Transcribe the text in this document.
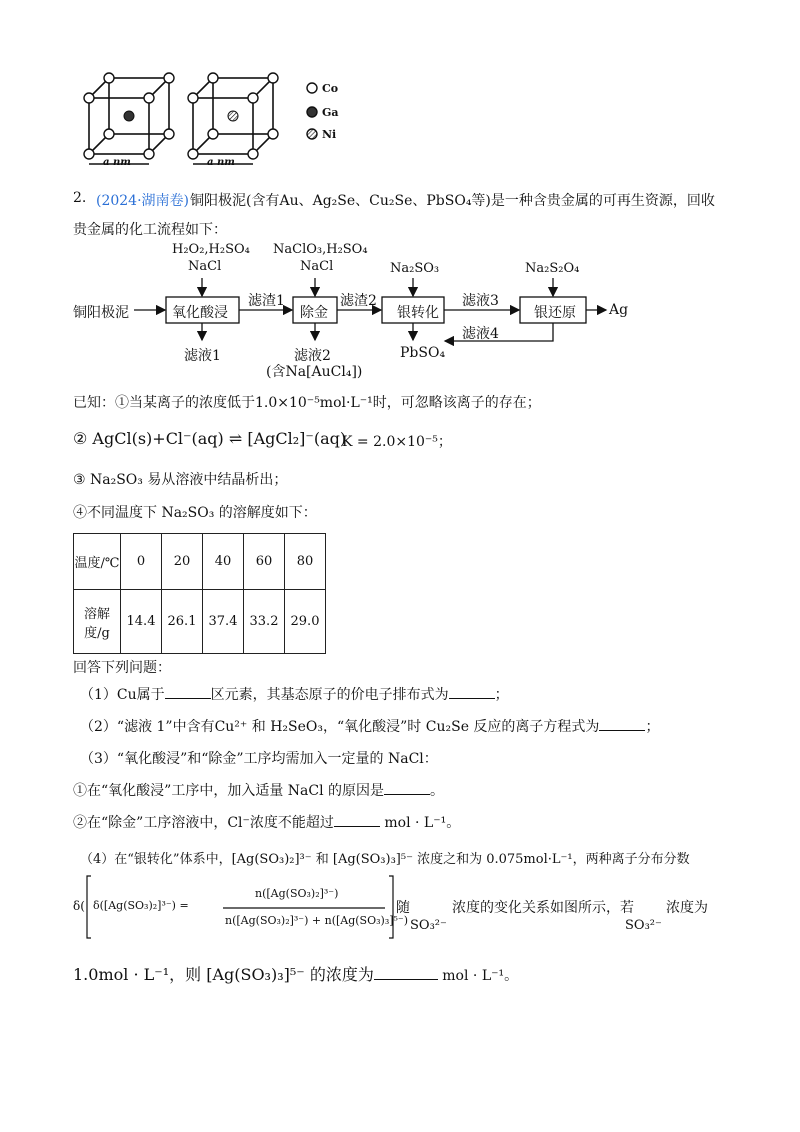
a nm	a nm
Co
Ga
Ni
2. (2024·湖南卷) 铜阳极泥(含有Au、Ag₂Se、Cu₂Se、PbSO₄等)是一种含贵金属的可再生资源，回收
贵金属的化工流程如下：
H₂O₂,H₂SO₄
NaCl
NaClO₃,H₂SO₄
NaCl	Na₂SO₃	Na₂S₂O₄
铜阳极泥	氧化酸浸	除金	银转化	银还原 Ag
滤渣1	滤渣2	滤液3
滤液4
滤液1	滤液2
(含Na[AuCl₄])
PbSO₄
已知：①当某离子的浓度低于1.0×10⁻⁵mol·L⁻¹时，可忽略该离子的存在；
② AgCl(s)+Cl⁻(aq) ⇌ [AgCl₂]⁻(aq)
K = 2.0×10⁻⁵；
③ Na₂SO₃ 易从溶液中结晶析出；
④不同温度下 Na₂SO₃ 的溶解度如下：
温度/℃	0	20	40	60	80
溶解度/g	14.4	26.1	37.4	33.2	29.0
回答下列问题：
（1）Cu属于	区元素，其基态原子的价电子排布式为	；
（2）“滤液 1”中含有Cu²⁺ 和 H₂SeO₃，“氧化酸浸”时 Cu₂Se 反应的离子方程式为	；
（3）“氧化酸浸”和“除金”工序均需加入一定量的 NaCl：
①在“氧化酸浸”工序中，加入适量 NaCl 的原因是	。
②在“除金”工序溶液中，Cl⁻浓度不能超过	mol · L⁻¹。
（4）在“银转化”体系中，[Ag(SO₃)₂]³⁻ 和 [Ag(SO₃)₃]⁵⁻ 浓度之和为 0.075mol·L⁻¹，两种离子分布分数
δ( δ([Ag(SO₃)₂]³⁻) =
n([Ag(SO₃)₂]³⁻)
n([Ag(SO₃)₂]³⁻) + n([Ag(SO₃)₃]⁵⁻)
随
SO₃²⁻
浓度的变化关系如图所示，若
SO₃²⁻
浓度为
1.0mol · L⁻¹，则 [Ag(SO₃)₃]⁵⁻ 的浓度为	mol · L⁻¹。
